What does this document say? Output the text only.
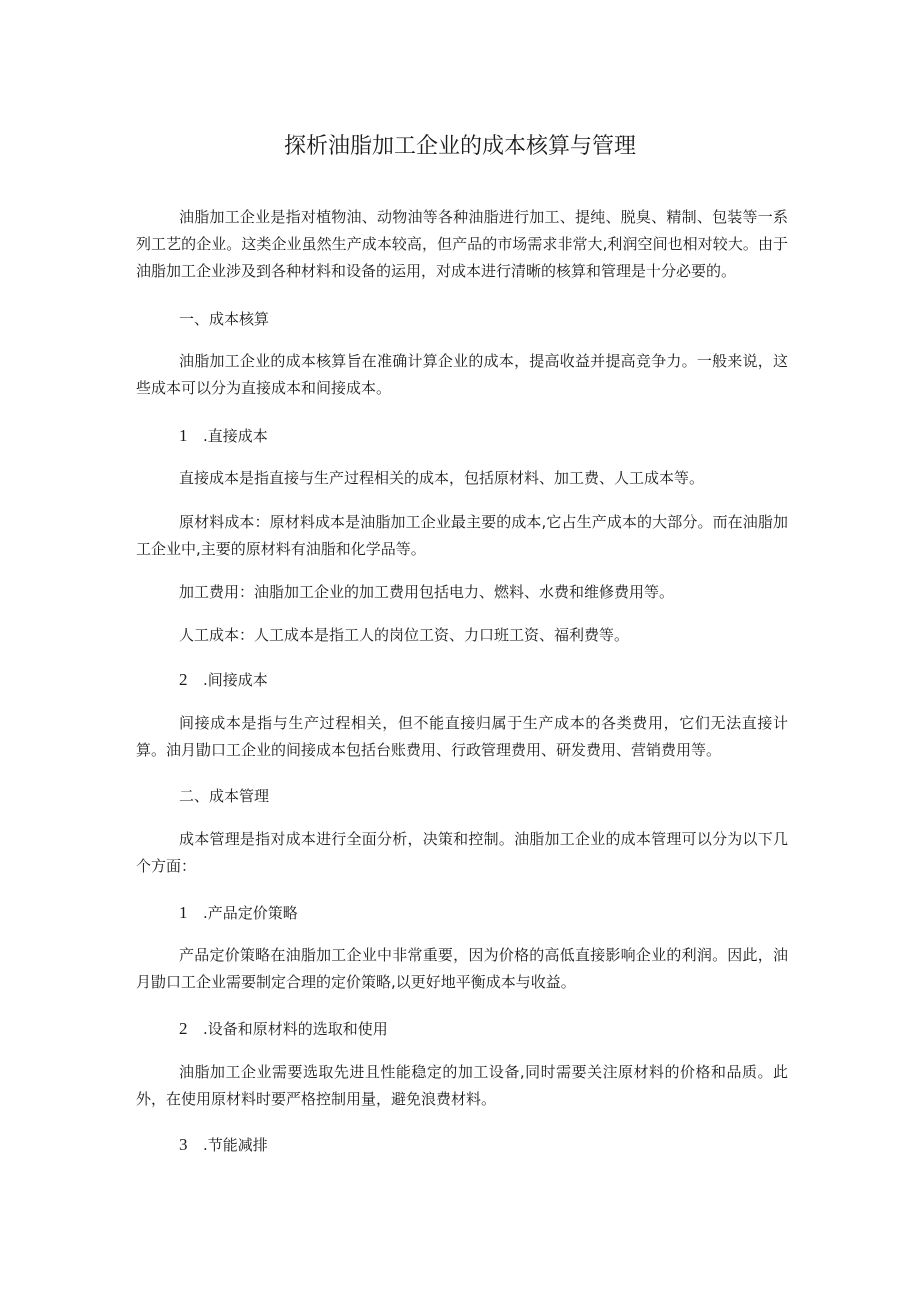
探析油脂加工企业的成本核算与管理

油脂加工企业是指对植物油、动物油等各种油脂进行加工、提纯、脱臭、精制、包装等一系列工艺的企业。这类企业虽然生产成本较高，但产品的市场需求非常大,利润空间也相对较大。由于油脂加工企业涉及到各种材料和设备的运用，对成本进行清晰的核算和管理是十分必要的。

一、成本核算

油脂加工企业的成本核算旨在准确计算企业的成本，提高收益并提高竞争力。一般来说，这些成本可以分为直接成本和间接成本。

1 .直接成本

直接成本是指直接与生产过程相关的成本，包括原材料、加工费、人工成本等。

原材料成本：原材料成本是油脂加工企业最主要的成本,它占生产成本的大部分。而在油脂加工企业中,主要的原材料有油脂和化学品等。

加工费用：油脂加工企业的加工费用包括电力、燃料、水费和维修费用等。

人工成本：人工成本是指工人的岗位工资、力口班工资、福利费等。

2 .间接成本

间接成本是指与生产过程相关，但不能直接归属于生产成本的各类费用，它们无法直接计算。油月勖口工企业的间接成本包括台账费用、行政管理费用、研发费用、营销费用等。

二、成本管理

成本管理是指对成本进行全面分析，决策和控制。油脂加工企业的成本管理可以分为以下几个方面：

1 .产品定价策略

产品定价策略在油脂加工企业中非常重要，因为价格的高低直接影响企业的利润。因此，油月勖口工企业需要制定合理的定价策略,以更好地平衡成本与收益。

2 .设备和原材料的选取和使用

油脂加工企业需要选取先进且性能稳定的加工设备,同时需要关注原材料的价格和品质。此外，在使用原材料时要严格控制用量，避免浪费材料。

3 .节能减排
